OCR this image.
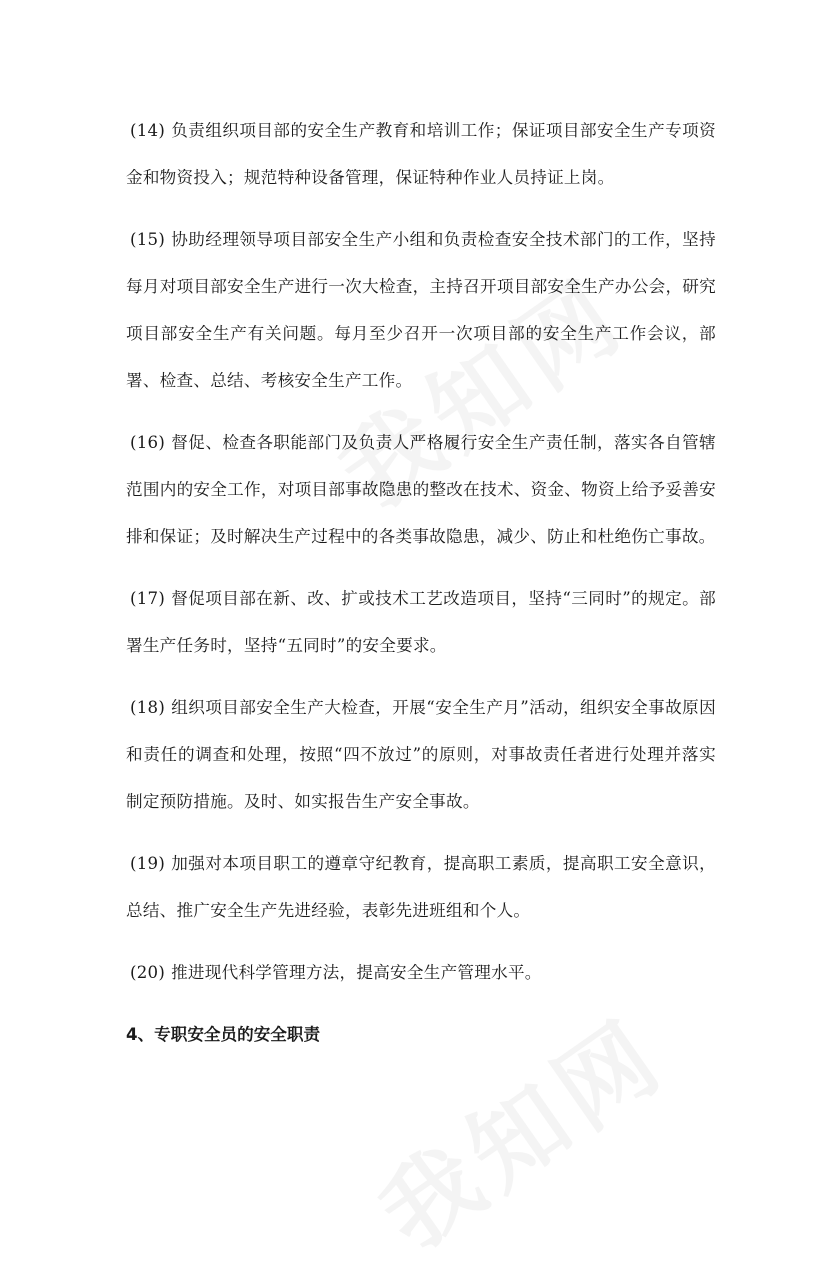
(14) 负责组织项目部的安全生产教育和培训工作；保证项目部安全生产专项资金和物资投入；规范特种设备管理，保证特种作业人员持证上岗。

(15) 协助经理领导项目部安全生产小组和负责检查安全技术部门的工作，坚持每月对项目部安全生产进行一次大检查，主持召开项目部安全生产办公会，研究项目部安全生产有关问题。每月至少召开一次项目部的安全生产工作会议，部署、检查、总结、考核安全生产工作。

(16) 督促、检查各职能部门及负责人严格履行安全生产责任制，落实各自管辖范围内的安全工作，对项目部事故隐患的整改在技术、资金、物资上给予妥善安排和保证；及时解决生产过程中的各类事故隐患，减少、防止和杜绝伤亡事故。

(17) 督促项目部在新、改、扩或技术工艺改造项目，坚持“三同时”的规定。部署生产任务时，坚持“五同时”的安全要求。

(18) 组织项目部安全生产大检查，开展“安全生产月”活动，组织安全事故原因和责任的调查和处理，按照“四不放过”的原则，对事故责任者进行处理并落实制定预防措施。及时、如实报告生产安全事故。

(19) 加强对本项目职工的遵章守纪教育，提高职工素质，提高职工安全意识，总结、推广安全生产先进经验，表彰先进班组和个人。

(20) 推进现代科学管理方法，提高安全生产管理水平。

4、专职安全员的安全职责
